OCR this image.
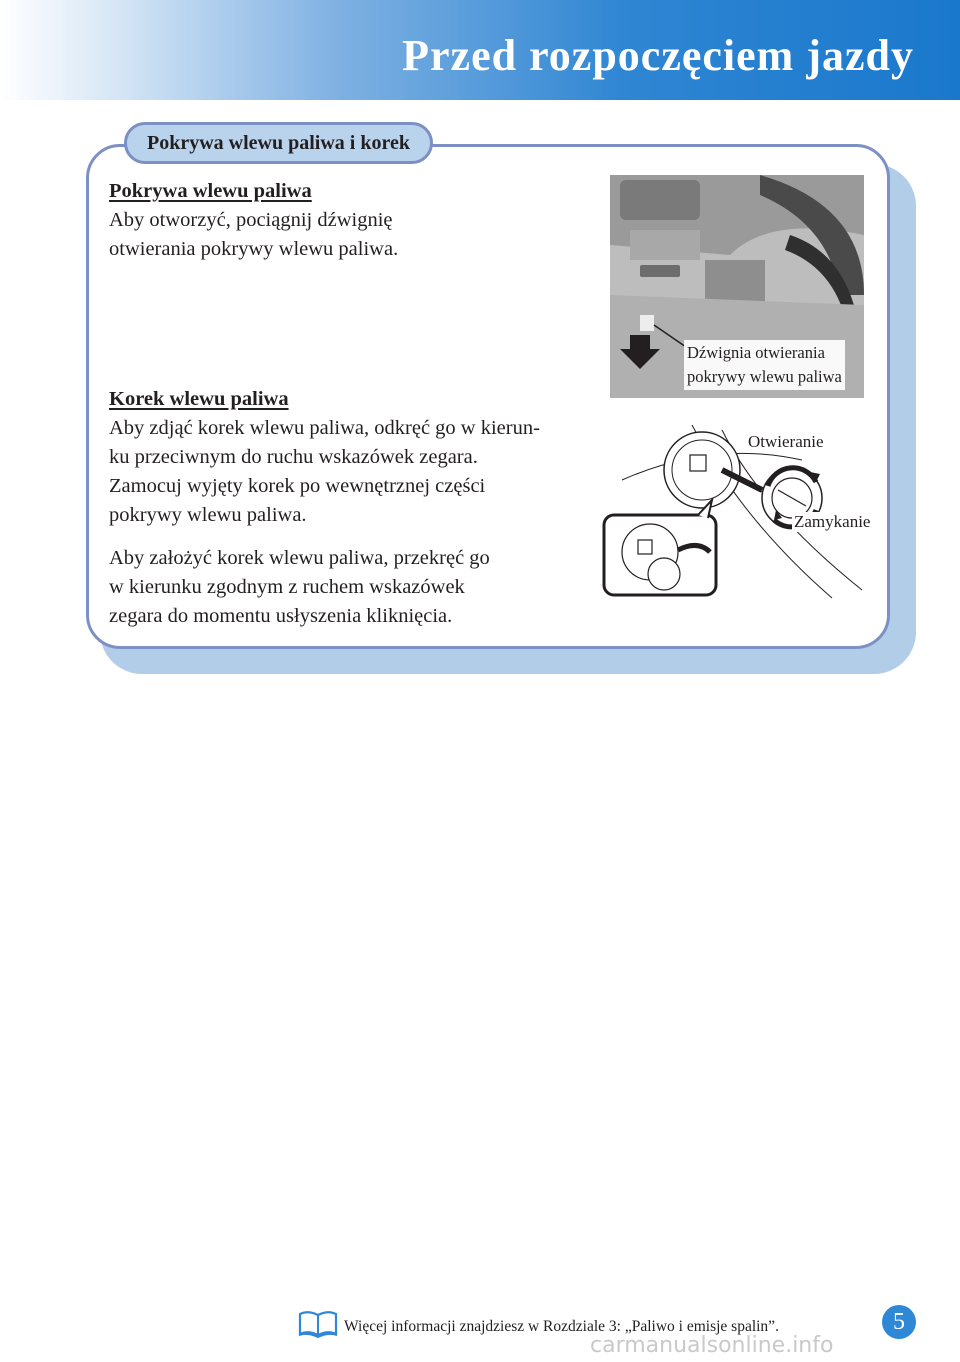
Przed rozpoczęciem jazdy
Pokrywa wlewu paliwa i korek
Pokrywa wlewu paliwa
Aby otworzyć, pociągnij dźwignię
otwierania pokrywy wlewu paliwa.
Dźwignia otwierania
pokrywy wlewu paliwa
Korek wlewu paliwa
Aby zdjąć korek wlewu paliwa, odkręć go w kierun-
ku przeciwnym do ruchu wskazówek zegara.
Zamocuj wyjęty korek po wewnętrznej części
pokrywy wlewu paliwa.
Aby założyć korek wlewu paliwa, przekręć go
w kierunku zgodnym z ruchem wskazówek
zegara do momentu usłyszenia kliknięcia.
Otwieranie
Zamykanie
Więcej informacji znajdziesz w Rozdziale 3: „Paliwo i emisje spalin”.	5
carmanualsonline.info
